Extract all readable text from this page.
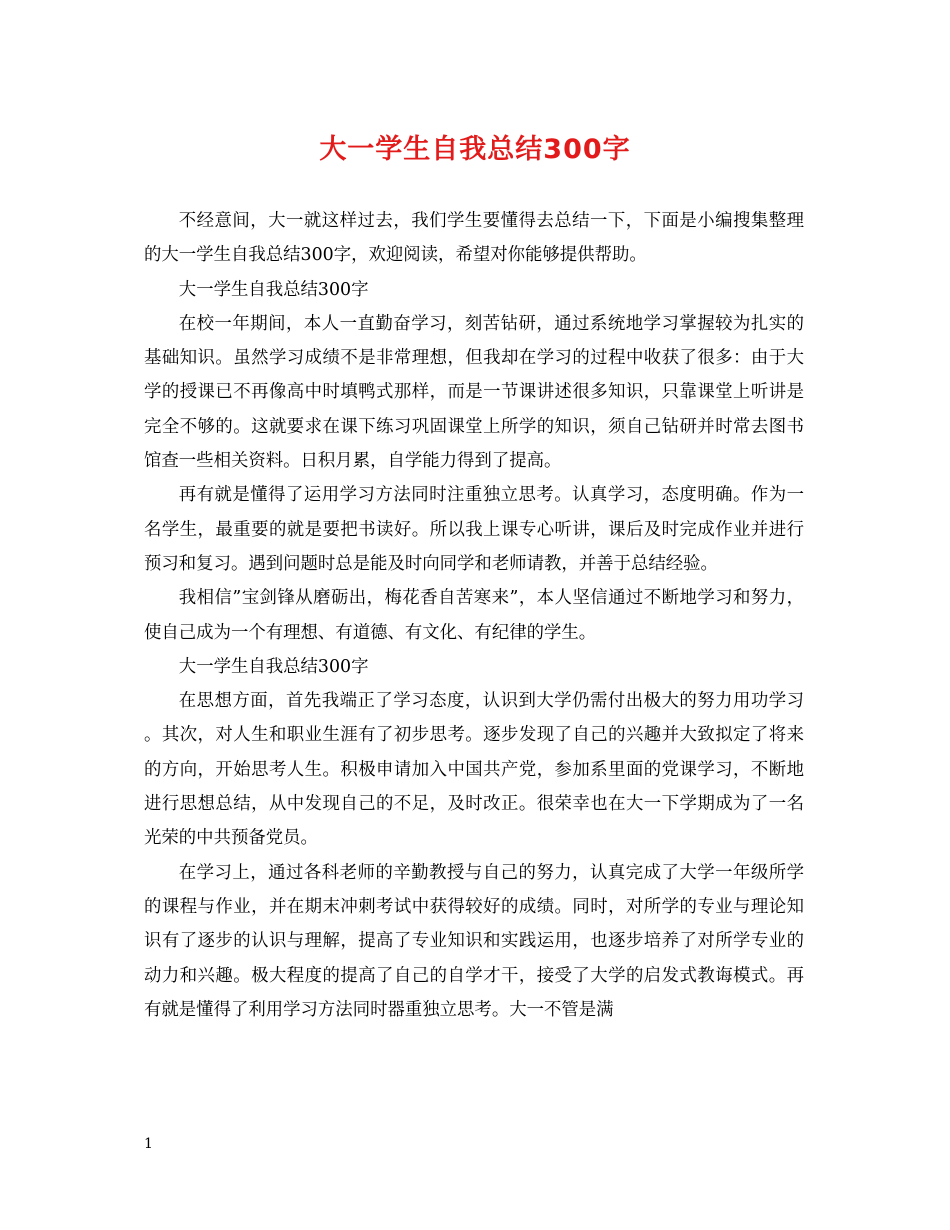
大一学生自我总结300字

不经意间，大一就这样过去，我们学生要懂得去总结一下，下面是小编搜集整理的大一学生自我总结300字，欢迎阅读，希望对你能够提供帮助。

大一学生自我总结300字

在校一年期间，本人一直勤奋学习，刻苦钻研，通过系统地学习掌握较为扎实的基础知识。虽然学习成绩不是非常理想，但我却在学习的过程中收获了很多：由于大学的授课已不再像高中时填鸭式那样，而是一节课讲述很多知识，只靠课堂上听讲是完全不够的。这就要求在课下练习巩固课堂上所学的知识，须自己钻研并时常去图书馆查一些相关资料。日积月累，自学能力得到了提高。

再有就是懂得了运用学习方法同时注重独立思考。认真学习，态度明确。作为一名学生，最重要的就是要把书读好。所以我上课专心听讲，课后及时完成作业并进行预习和复习。遇到问题时总是能及时向同学和老师请教，并善于总结经验。

我相信”宝剑锋从磨砺出，梅花香自苦寒来”，本人坚信通过不断地学习和努力，使自己成为一个有理想、有道德、有文化、有纪律的学生。

大一学生自我总结300字

在思想方面，首先我端正了学习态度，认识到大学仍需付出极大的努力用功学习 。其次，对人生和职业生涯有了初步思考。逐步发现了自己的兴趣并大致拟定了将来的方向，开始思考人生。积极申请加入中国共产党，参加系里面的党课学习，不断地进行思想总结，从中发现自己的不足，及时改正。很荣幸也在大一下学期成为了一名光荣的中共预备党员。

在学习上，通过各科老师的辛勤教授与自己的努力，认真完成了大学一年级所学的课程与作业，并在期末冲刺考试中获得较好的成绩。同时，对所学的专业与理论知识有了逐步的认识与理解，提高了专业知识和实践运用，也逐步培养了对所学专业的动力和兴趣。极大程度的提高了自己的自学才干，接受了大学的启发式教诲模式。再有就是懂得了利用学习方法同时器重独立思考。大一不管是满

1
